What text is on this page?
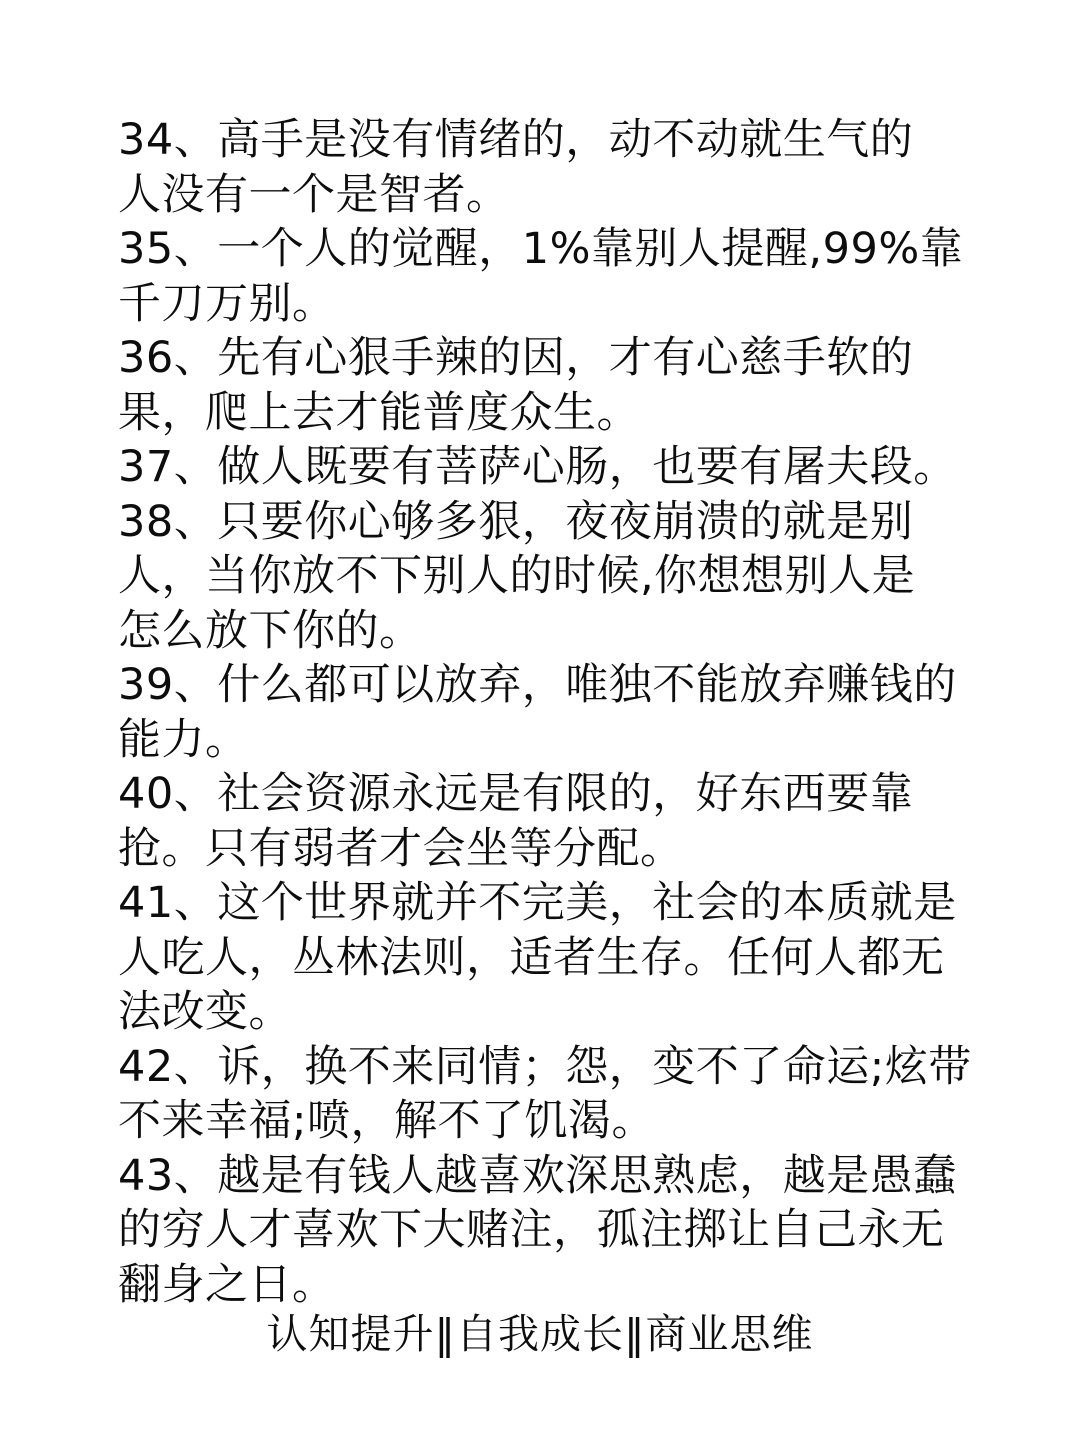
34、高手是没有情绪的，动不动就生气的
人没有一个是智者。

35、一个人的觉醒，1%靠别人提醒,99%靠
千刀万别。

36、先有心狠手辣的因，才有心慈手软的
果，爬上去才能普度众生。

37、做人既要有菩萨心肠，也要有屠夫段。

38、只要你心够多狠，夜夜崩溃的就是别
人，当你放不下别人的时候,你想想别人是
怎么放下你的。

39、什么都可以放弃，唯独不能放弃赚钱的
能力。

40、社会资源永远是有限的，好东西要靠
抢。只有弱者才会坐等分配。

41、这个世界就并不完美，社会的本质就是
人吃人，丛林法则，适者生存。任何人都无
法改变。

42、诉，换不来同情；怨，变不了命运;炫带
不来幸福;喷，解不了饥渴。

43、越是有钱人越喜欢深思熟虑，越是愚蠢
的穷人才喜欢下大赌注，孤注掷让自己永无
翻身之日。

认知提升‖自我成长‖商业思维
